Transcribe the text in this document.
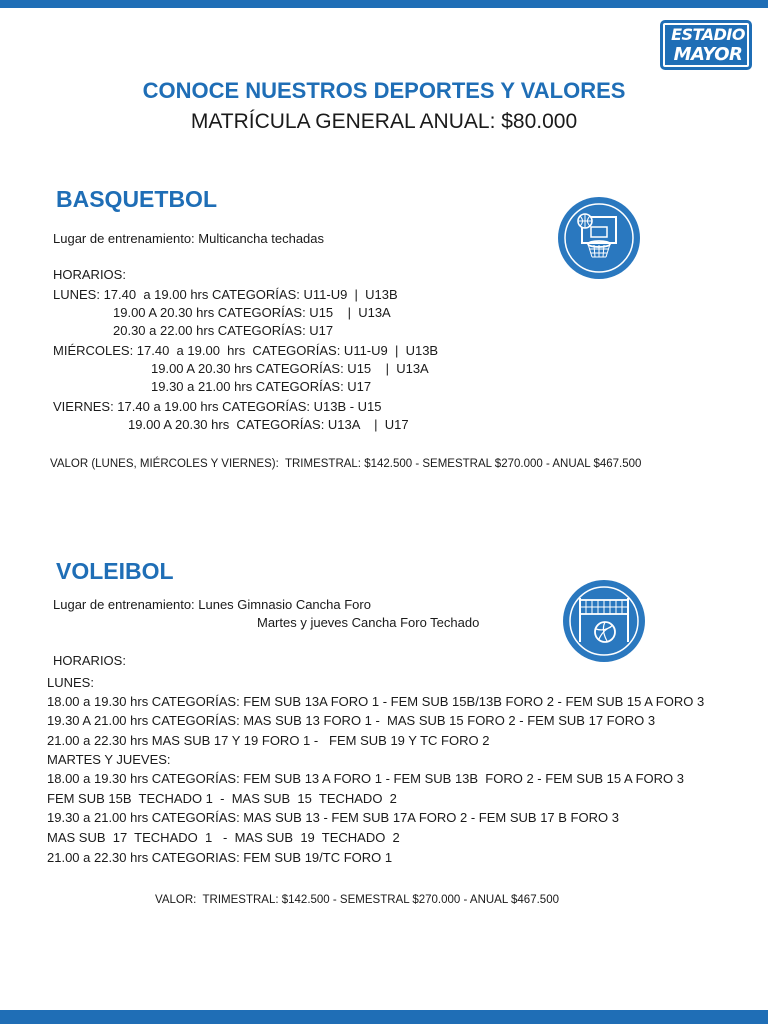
ESTADIO
MAYOR
CONOCE NUESTROS DEPORTES Y VALORES

MATRÍCULA GENERAL ANUAL: $80.000

BASQUETBOL
Lugar de entrenamiento: Multicancha techadas
HORARIOS:
LUNES: 17.40  a 19.00 hrs CATEGORÍAS: U11-U9  |  U13B
19.00 A 20.30 hrs CATEGORÍAS: U15    |  U13A
20.30 a 22.00 hrs CATEGORÍAS: U17
MIÉRCOLES: 17.40  a 19.00  hrs  CATEGORÍAS: U11-U9  |  U13B
19.00 A 20.30 hrs CATEGORÍAS: U15    |  U13A
19.30 a 21.00 hrs CATEGORÍAS: U17
VIERNES: 17.40 a 19.00 hrs CATEGORÍAS: U13B - U15
19.00 A 20.30 hrs  CATEGORÍAS: U13A    |  U17
VALOR (LUNES, MIÉRCOLES Y VIERNES):  TRIMESTRAL: $142.500 - SEMESTRAL $270.000 - ANUAL $467.500
VOLEIBOL
Lugar de entrenamiento: Lunes Gimnasio Cancha Foro
Martes y jueves Cancha Foro Techado
HORARIOS:
LUNES:
18.00 a 19.30 hrs CATEGORÍAS: FEM SUB 13A FORO 1 - FEM SUB 15B/13B FORO 2 - FEM SUB 15 A FORO 3
19.30 A 21.00 hrs CATEGORÍAS: MAS SUB 13 FORO 1 -  MAS SUB 15 FORO 2 - FEM SUB 17 FORO 3
21.00 a 22.30 hrs MAS SUB 17 Y 19 FORO 1 -   FEM SUB 19 Y TC FORO 2
MARTES Y JUEVES:
18.00 a 19.30 hrs CATEGORÍAS: FEM SUB 13 A FORO 1 - FEM SUB 13B  FORO 2 - FEM SUB 15 A FORO 3
FEM SUB 15B  TECHADO 1  -  MAS SUB  15  TECHADO  2
19.30 a 21.00 hrs CATEGORÍAS: MAS SUB 13 - FEM SUB 17A FORO 2 - FEM SUB 17 B FORO 3
MAS SUB  17  TECHADO  1   -  MAS SUB  19  TECHADO  2
21.00 a 22.30 hrs CATEGORIAS: FEM SUB 19/TC FORO 1
VALOR:  TRIMESTRAL: $142.500 - SEMESTRAL $270.000 - ANUAL $467.500
